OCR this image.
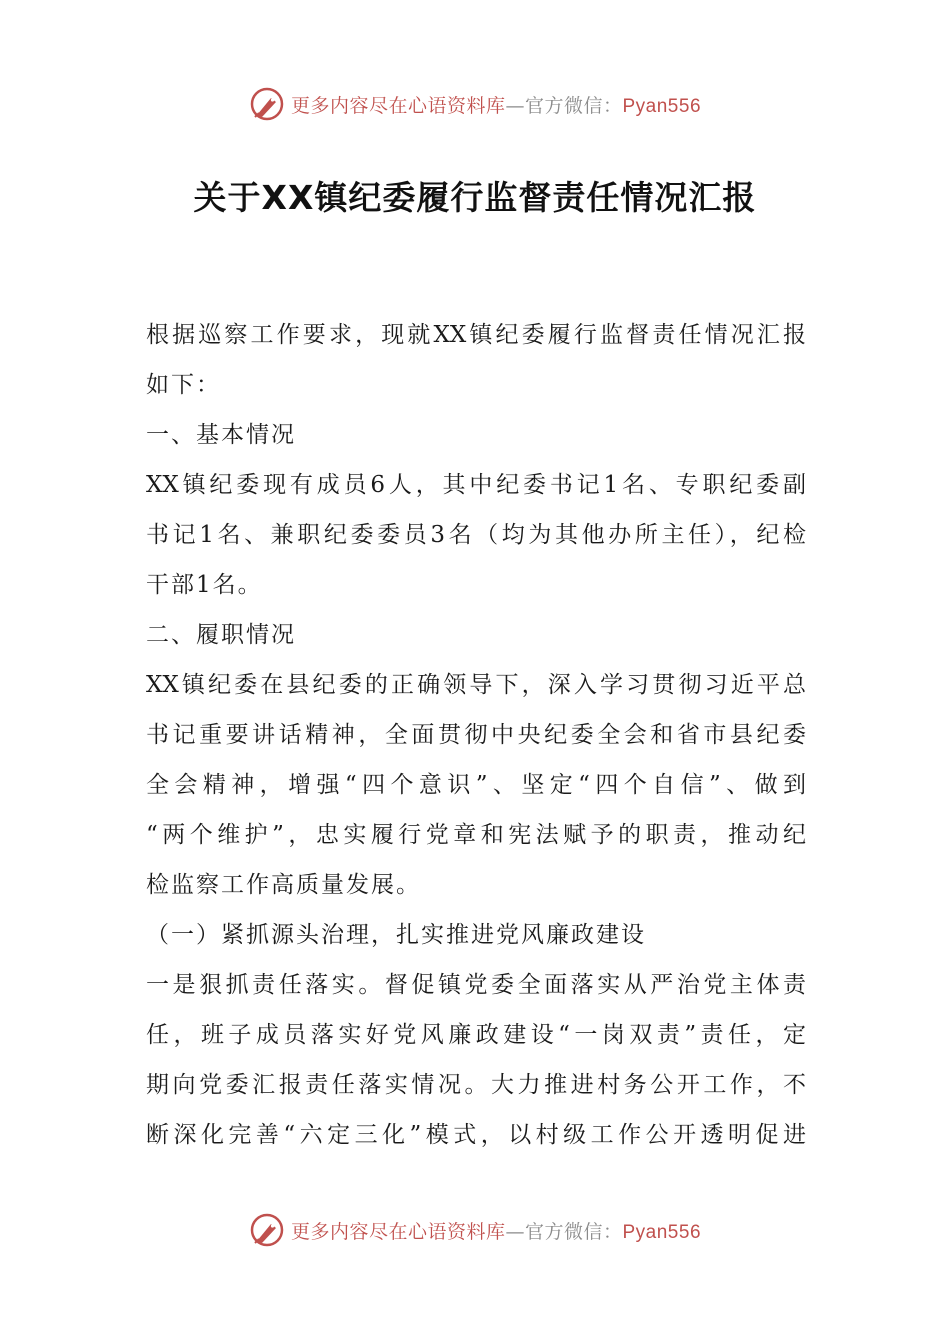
更多内容尽在心语资料库—官方微信：Pyan556
关于XX镇纪委履行监督责任情况汇报
根据巡察工作要求，现就XX镇纪委履行监督责任情况汇报
如下：
一、基本情况
XX镇纪委现有成员6人，其中纪委书记1名、专职纪委副
书记1名、兼职纪委委员3名（均为其他办所主任），纪检
干部1名。
二、履职情况
XX镇纪委在县纪委的正确领导下，深入学习贯彻习近平总
书记重要讲话精神，全面贯彻中央纪委全会和省市县纪委
全会精神，增强“四个意识”、坚定“四个自信”、做到
“两个维护”，忠实履行党章和宪法赋予的职责，推动纪
检监察工作高质量发展。
（一）紧抓源头治理，扎实推进党风廉政建设
一是狠抓责任落实。督促镇党委全面落实从严治党主体责
任，班子成员落实好党风廉政建设“一岗双责”责任，定
期向党委汇报责任落实情况。大力推进村务公开工作，不
断深化完善“六定三化”模式，以村级工作公开透明促进
更多内容尽在心语资料库—官方微信：Pyan556
